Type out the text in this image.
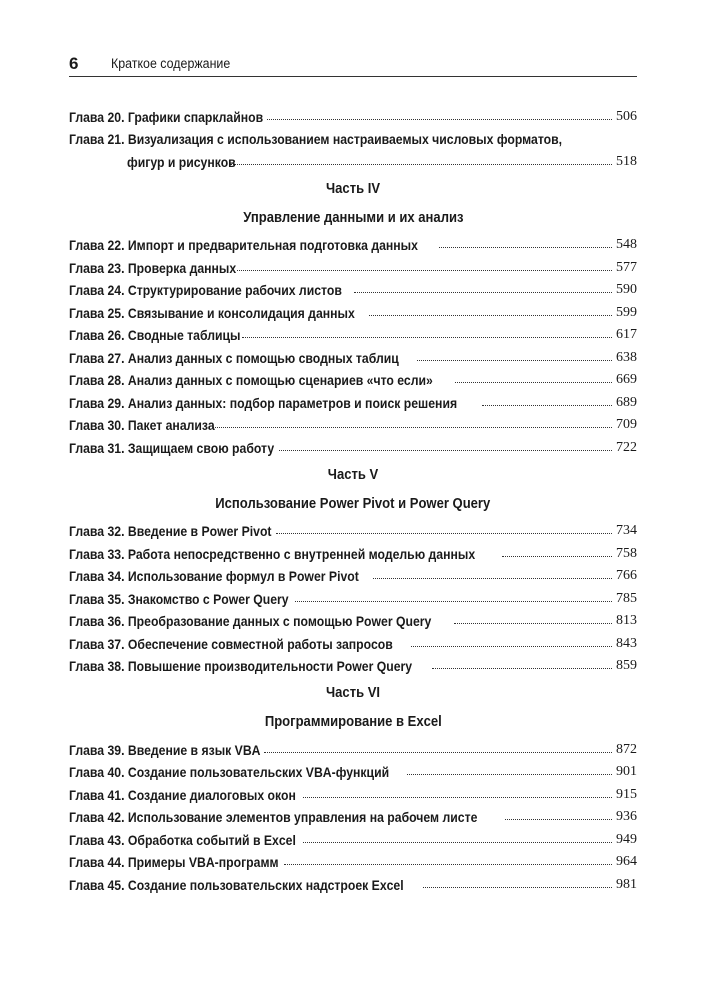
6 Краткое содержание
Глава 20. Графики спарклайнов	506
Глава 21. Визуализация с использованием настраиваемых числовых форматов,
фигур и рисунков	518
Часть IV
Управление данными и их анализ
Глава 22. Импорт и предварительная подготовка данных	548
Глава 23. Проверка данных	577
Глава 24. Структурирование рабочих листов	590
Глава 25. Связывание и консолидация данных	599
Глава 26. Сводные таблицы	617
Глава 27. Анализ данных с помощью сводных таблиц	638
Глава 28. Анализ данных с помощью сценариев «что если»	669
Глава 29. Анализ данных: подбор параметров и поиск решения	689
Глава 30. Пакет анализа	709
Глава 31. Защищаем свою работу	722
Часть V
Использование Power Pivot и Power Query
Глава 32. Введение в Power Pivot	734
Глава 33. Работа непосредственно с внутренней моделью данных	758
Глава 34. Использование формул в Power Pivot	766
Глава 35. Знакомство с Power Query	785
Глава 36. Преобразование данных с помощью Power Query	813
Глава 37. Обеспечение совместной работы запросов	843
Глава 38. Повышение производительности Power Query	859
Часть VI
Программирование в Excel
Глава 39. Введение в язык VBA	872
Глава 40. Создание пользовательских VBA-функций	901
Глава 41. Создание диалоговых окон	915
Глава 42. Использование элементов управления на рабочем листе	936
Глава 43. Обработка событий в Excel	949
Глава 44. Примеры VBA-программ	964
Глава 45. Создание пользовательских надстроек Excel	981
